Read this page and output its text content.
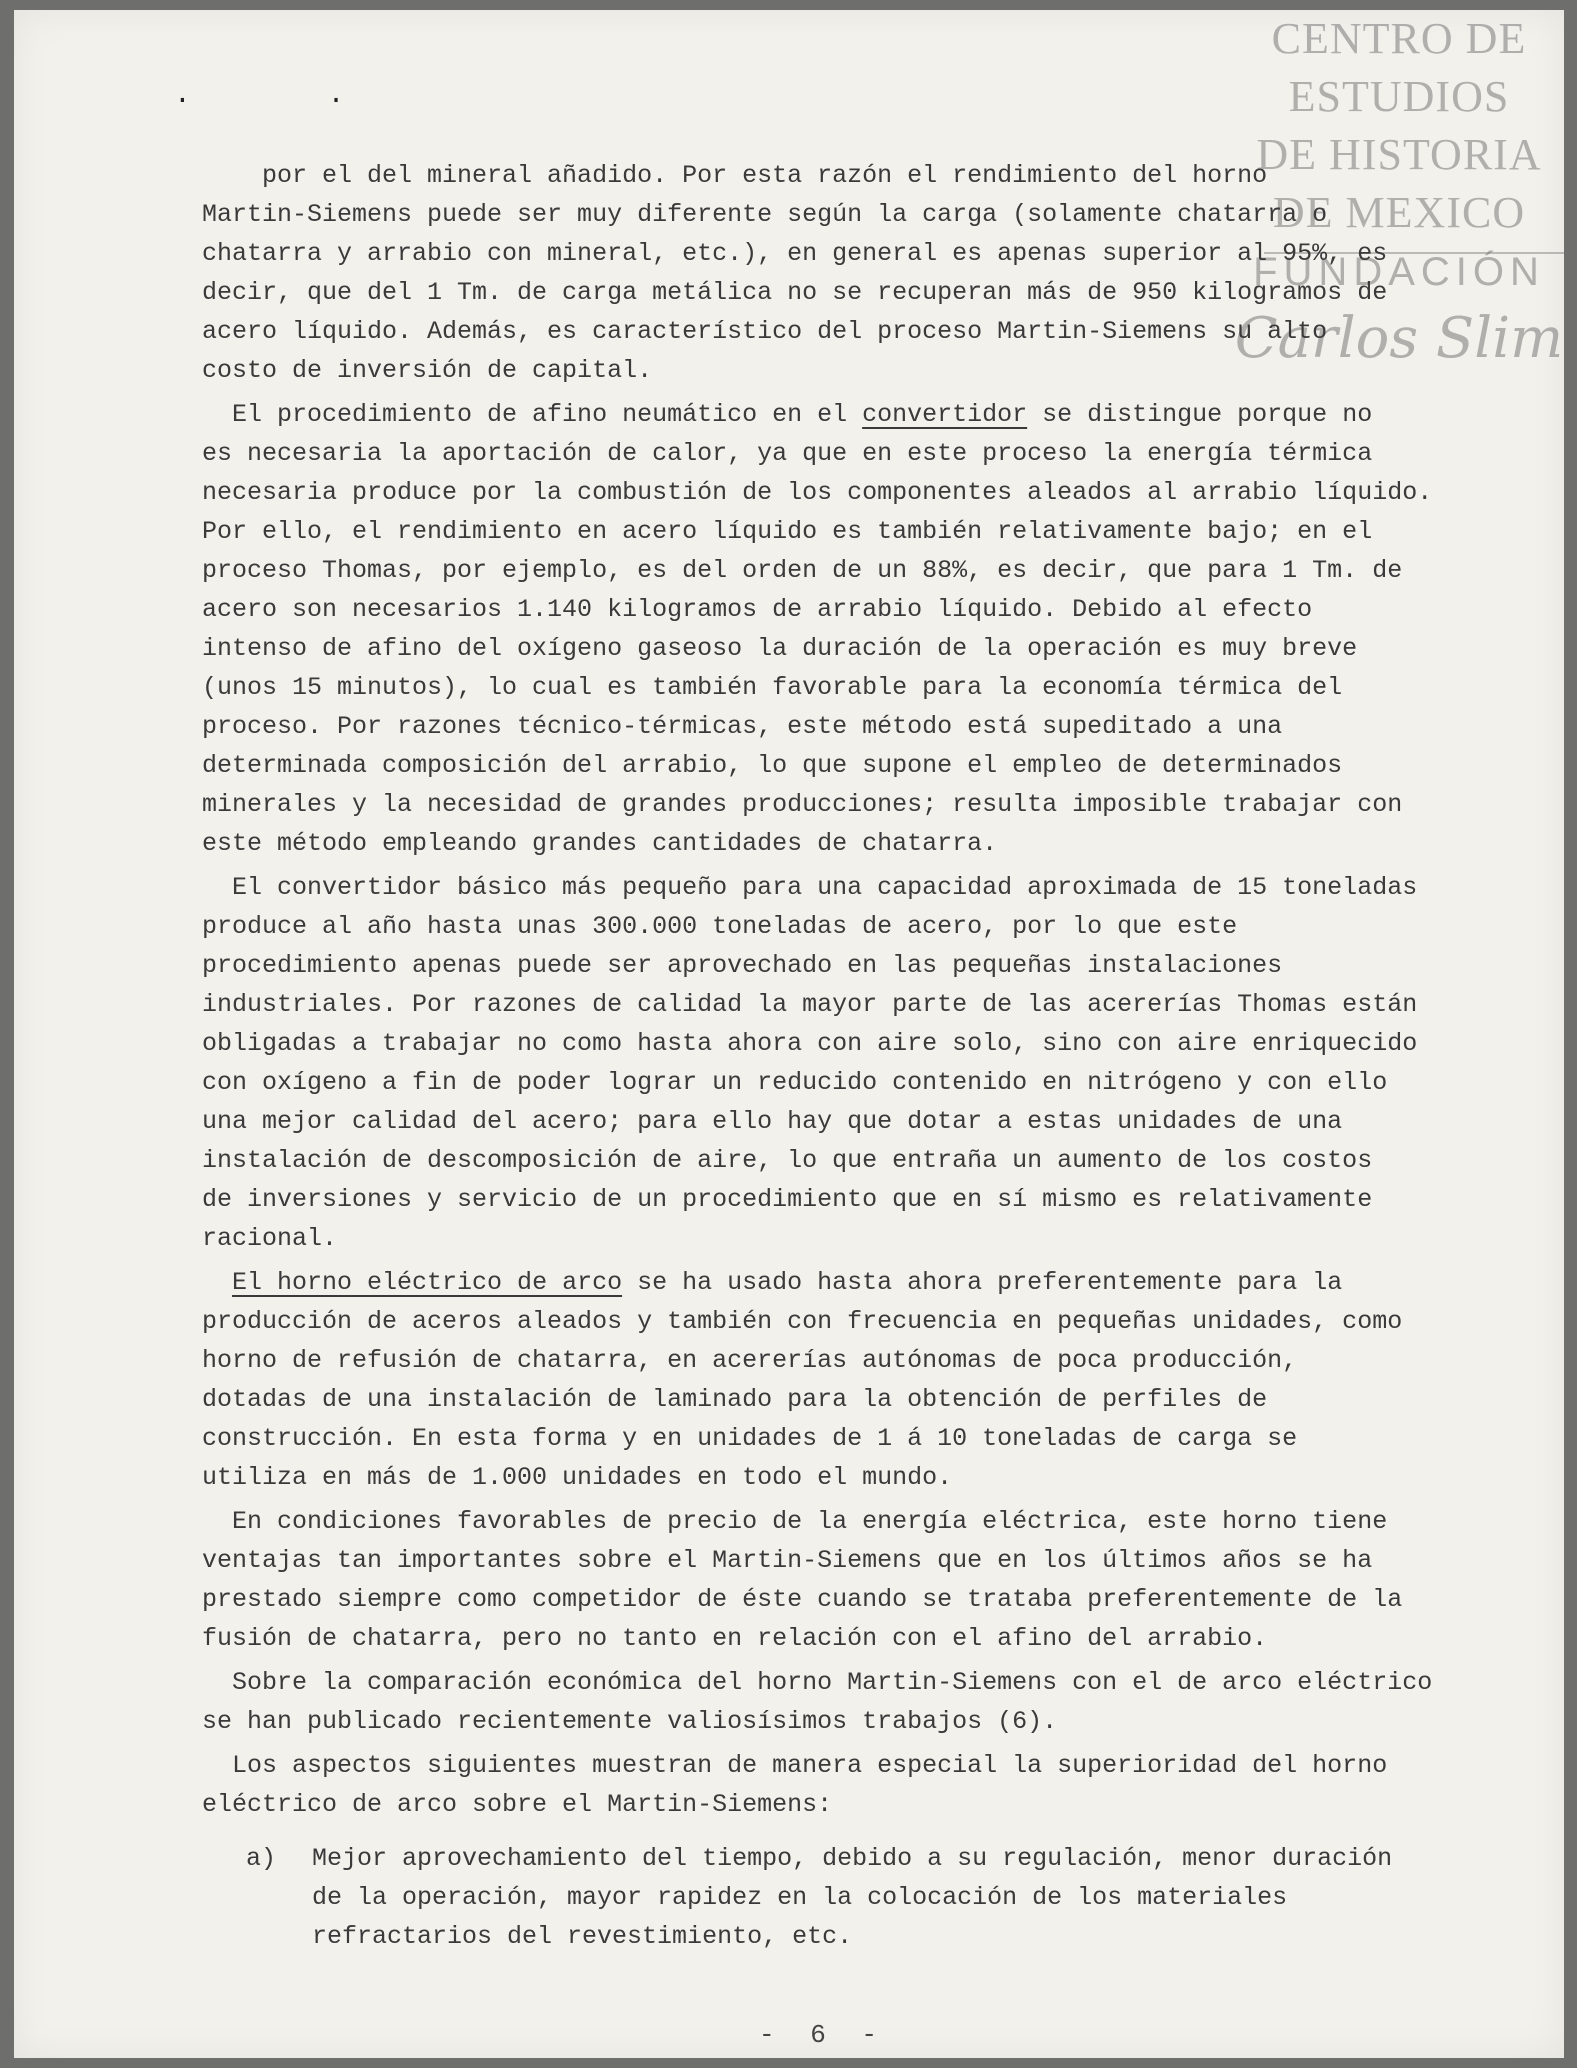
CENTRO DE
ESTUDIOS
DE HISTORIA
DE MEXICO
FUNDACIÓN
Carlos Slim
. .
por el del mineral añadido. Por esta razón el rendimiento del horno
Martin-Siemens puede ser muy diferente según la carga (solamente chatarra o
chatarra y arrabio con mineral, etc.), en general es apenas superior al 95%, es
decir, que del 1 Tm. de carga metálica no se recuperan más de 950 kilogramos de
acero líquido. Además, es característico del proceso Martin-Siemens su alto
costo de inversión de capital.
El procedimiento de afino neumático en el convertidor se distingue porque no
es necesaria la aportación de calor, ya que en este proceso la energía térmica
necesaria produce por la combustión de los componentes aleados al arrabio líquido.
Por ello, el rendimiento en acero líquido es también relativamente bajo; en el
proceso Thomas, por ejemplo, es del orden de un 88%, es decir, que para 1 Tm. de
acero son necesarios 1.140 kilogramos de arrabio líquido. Debido al efecto
intenso de afino del oxígeno gaseoso la duración de la operación es muy breve
(unos 15 minutos), lo cual es también favorable para la economía térmica del
proceso. Por razones técnico-térmicas, este método está supeditado a una
determinada composición del arrabio, lo que supone el empleo de determinados
minerales y la necesidad de grandes producciones; resulta imposible trabajar con
este método empleando grandes cantidades de chatarra.
El convertidor básico más pequeño para una capacidad aproximada de 15 toneladas
produce al año hasta unas 300.000 toneladas de acero, por lo que este
procedimiento apenas puede ser aprovechado en las pequeñas instalaciones
industriales. Por razones de calidad la mayor parte de las acererías Thomas están
obligadas a trabajar no como hasta ahora con aire solo, sino con aire enriquecido
con oxígeno a fin de poder lograr un reducido contenido en nitrógeno y con ello
una mejor calidad del acero; para ello hay que dotar a estas unidades de una
instalación de descomposición de aire, lo que entraña un aumento de los costos
de inversiones y servicio de un procedimiento que en sí mismo es relativamente
racional.
El horno eléctrico de arco se ha usado hasta ahora preferentemente para la
producción de aceros aleados y también con frecuencia en pequeñas unidades, como
horno de refusión de chatarra, en acererías autónomas de poca producción,
dotadas de una instalación de laminado para la obtención de perfiles de
construcción. En esta forma y en unidades de 1 á 10 toneladas de carga se
utiliza en más de 1.000 unidades en todo el mundo.
En condiciones favorables de precio de la energía eléctrica, este horno tiene
ventajas tan importantes sobre el Martin-Siemens que en los últimos años se ha
prestado siempre como competidor de éste cuando se trataba preferentemente de la
fusión de chatarra, pero no tanto en relación con el afino del arrabio.
Sobre la comparación económica del horno Martin-Siemens con el de arco eléctrico
se han publicado recientemente valiosísimos trabajos (6).
Los aspectos siguientes muestran de manera especial la superioridad del horno
eléctrico de arco sobre el Martin-Siemens:
a)	Mejor aprovechamiento del tiempo, debido a su regulación, menor duración
de la operación, mayor rapidez en la colocación de los materiales
refractarios del revestimiento, etc.
- 6 -
